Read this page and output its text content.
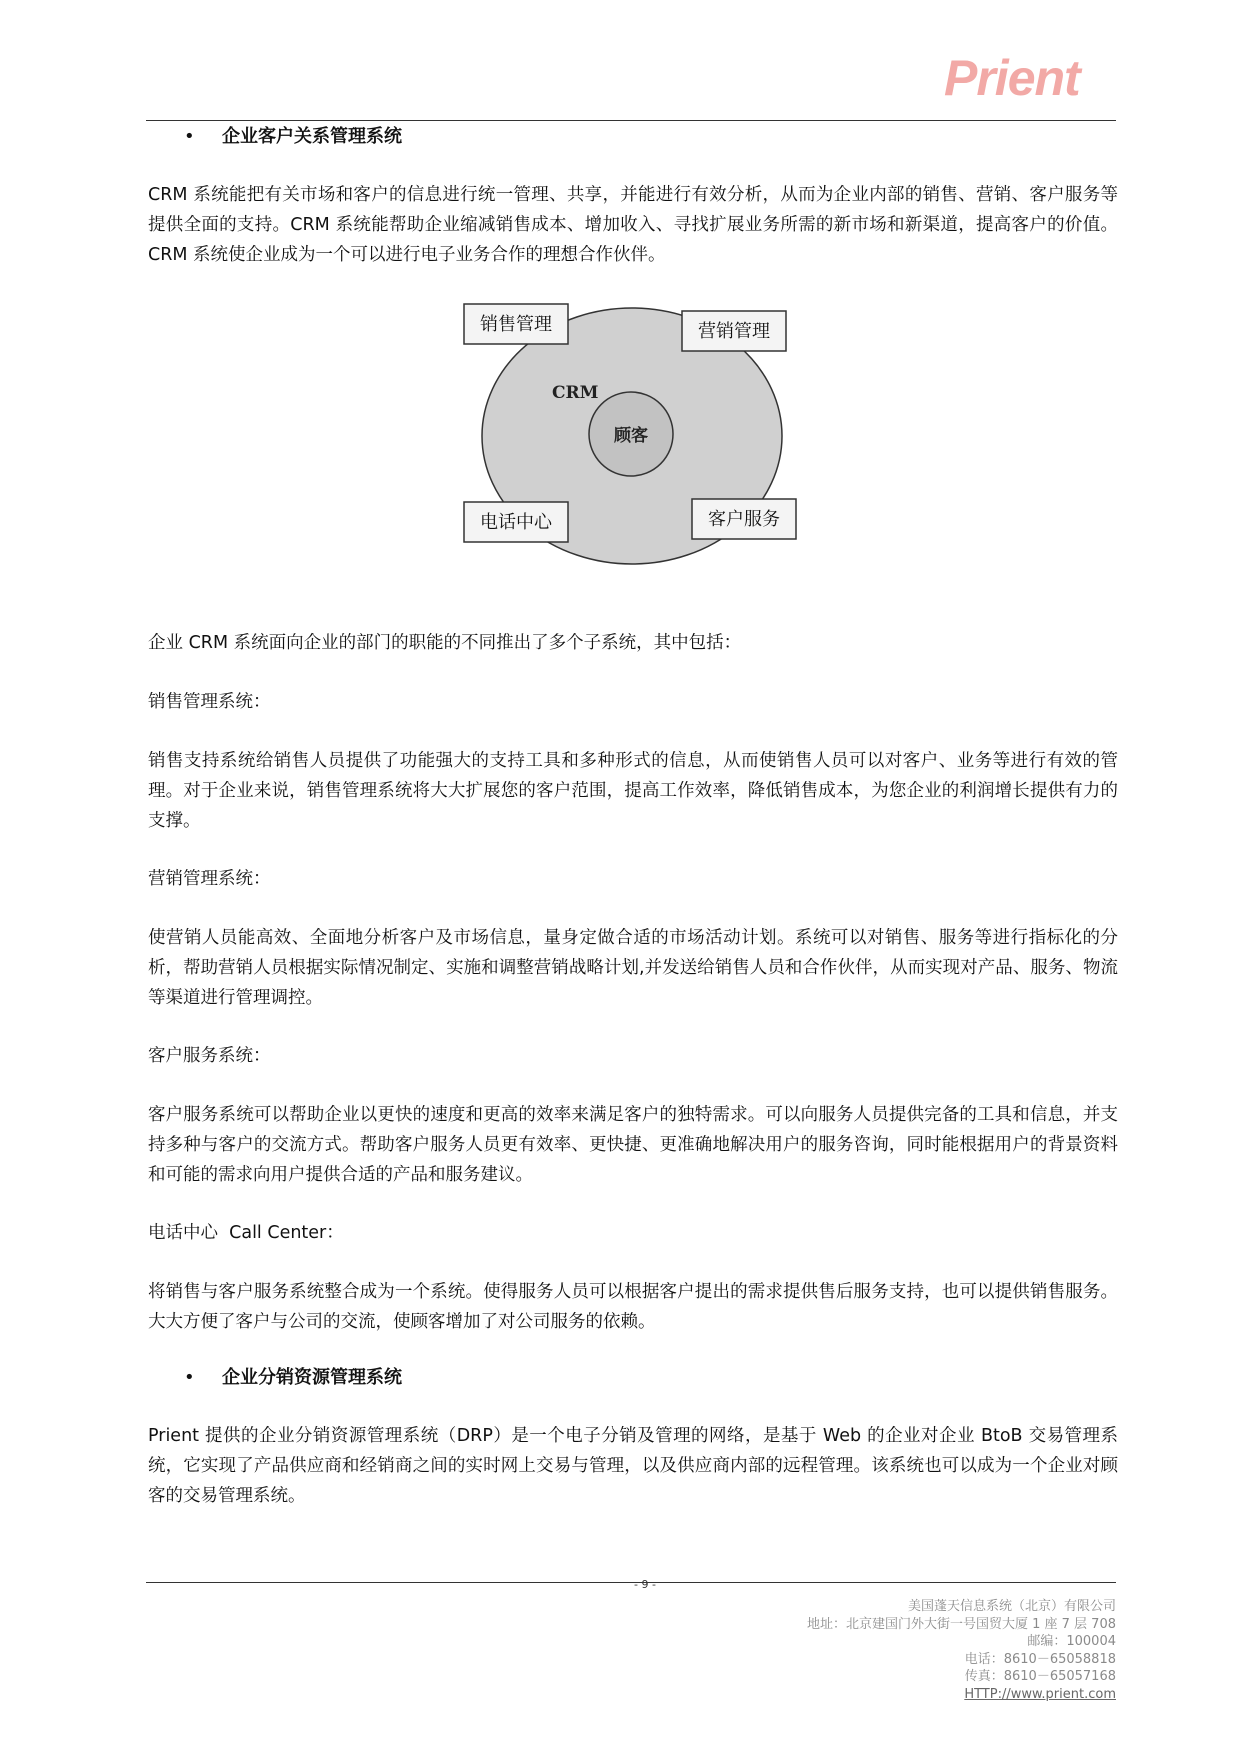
Prient
• 企业客户关系管理系统

CRM 系统能把有关市场和客户的信息进行统一管理、共享，并能进行有效分析，从而为企业内部的销售、营销、客户服务等提供全面的支持。CRM 系统能帮助企业缩减销售成本、增加收入、寻找扩展业务所需的新市场和新渠道，提高客户的价值。CRM 系统使企业成为一个可以进行电子业务合作的理想合作伙伴。

CRM
顾客
销售管理	营销管理
电话中心	客户服务

企业 CRM 系统面向企业的部门的职能的不同推出了多个子系统，其中包括：

销售管理系统：

销售支持系统给销售人员提供了功能强大的支持工具和多种形式的信息，从而使销售人员可以对客户、业务等进行有效的管理。对于企业来说，销售管理系统将大大扩展您的客户范围，提高工作效率，降低销售成本，为您企业的利润增长提供有力的支撑。

营销管理系统：

使营销人员能高效、全面地分析客户及市场信息，量身定做合适的市场活动计划。系统可以对销售、服务等进行指标化的分析，帮助营销人员根据实际情况制定、实施和调整营销战略计划,并发送给销售人员和合作伙伴，从而实现对产品、服务、物流等渠道进行管理调控。

客户服务系统：

客户服务系统可以帮助企业以更快的速度和更高的效率来满足客户的独特需求。可以向服务人员提供完备的工具和信息，并支持多种与客户的交流方式。帮助客户服务人员更有效率、更快捷、更准确地解决用户的服务咨询，同时能根据用户的背景资料和可能的需求向用户提供合适的产品和服务建议。

电话中心  Call Center：

将销售与客户服务系统整合成为一个系统。使得服务人员可以根据客户提出的需求提供售后服务支持，也可以提供销售服务。大大方便了客户与公司的交流，使顾客增加了对公司服务的依赖。

• 企业分销资源管理系统

Prient 提供的企业分销资源管理系统（DRP）是一个电子分销及管理的网络，是基于 Web 的企业对企业 BtoB 交易管理系统，它实现了产品供应商和经销商之间的实时网上交易与管理，以及供应商内部的远程管理。该系统也可以成为一个企业对顾客的交易管理系统。

- 9 -
美国蓬天信息系统（北京）有限公司
地址：北京建国门外大街一号国贸大厦 1 座 7 层 708
邮编：100004
电话：8610－65058818
传真：8610－65057168
HTTP://www.prient.com
